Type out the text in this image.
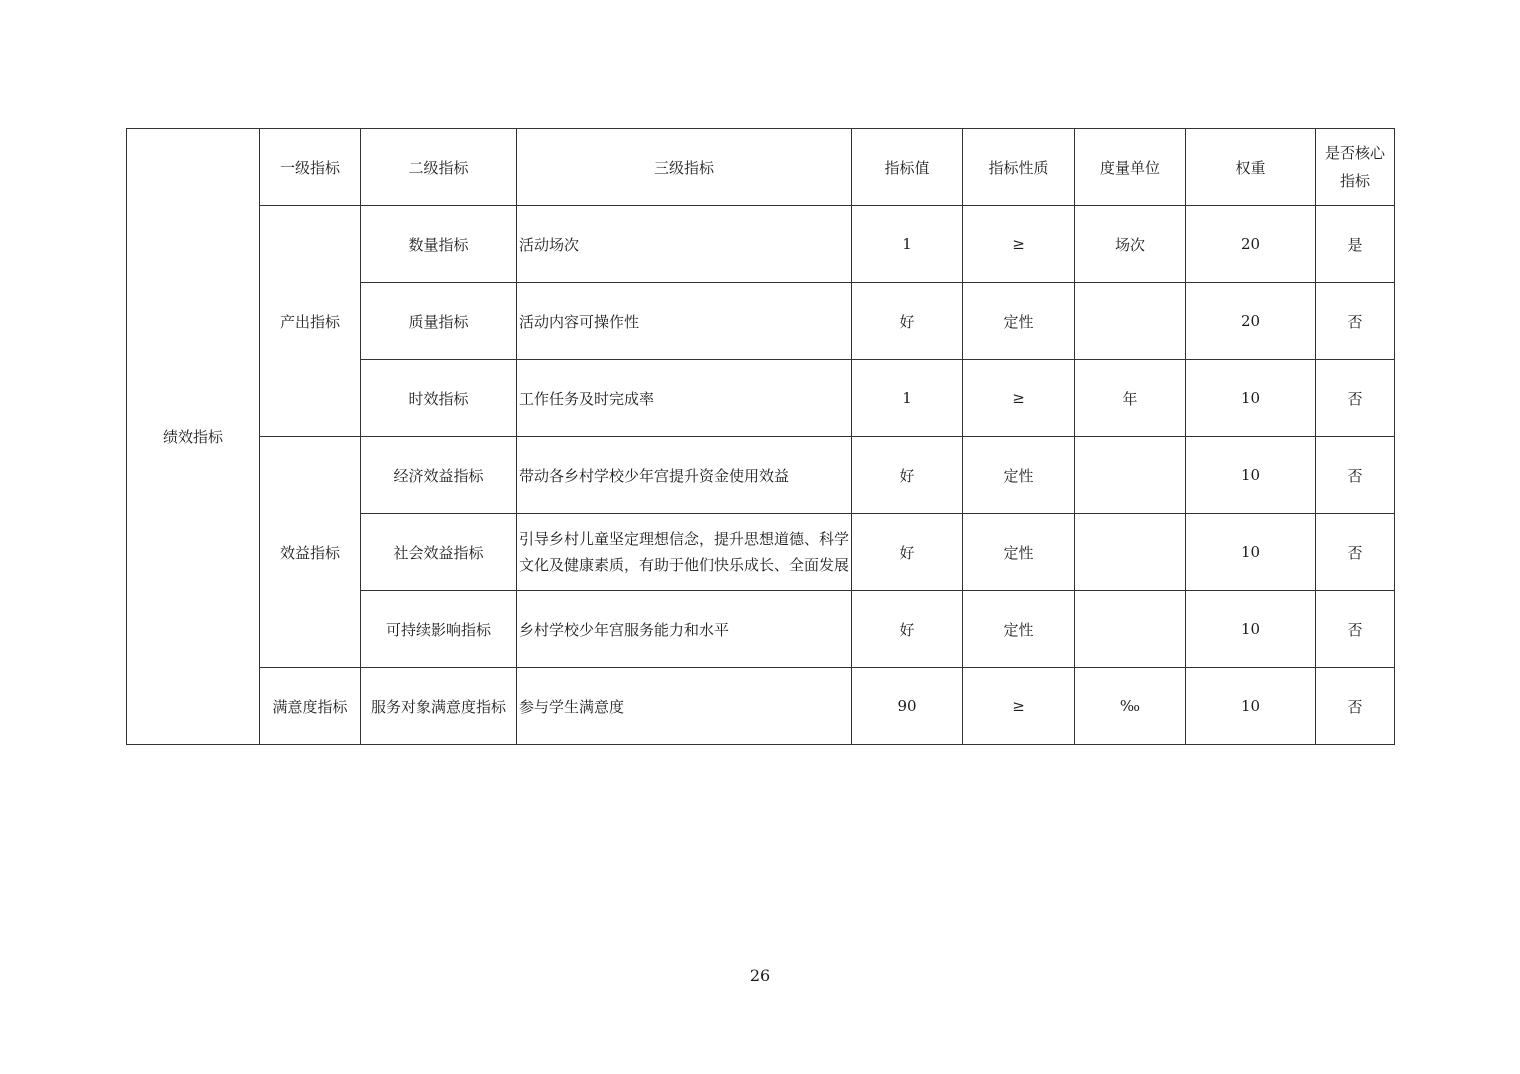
绩效指标	一级指标	二级指标	三级指标	指标值	指标性质	度量单位	权重	是否核心指标
	产出指标	数量指标	活动场次	1	≥	场次	20	是
		质量指标	活动内容可操作性	好	定性		20	否
		时效指标	工作任务及时完成率	1	≥	年	10	否
	效益指标	经济效益指标	带动各乡村学校少年宫提升资金使用效益	好	定性		10	否
		社会效益指标	引导乡村儿童坚定理想信念，提升思想道德、科学文化及健康素质，有助于他们快乐成长、全面发展	好	定性		10	否
		可持续影响指标	乡村学校少年宫服务能力和水平	好	定性		10	否
	满意度指标	服务对象满意度指标	参与学生满意度	90	≥	‰	10	否
26
